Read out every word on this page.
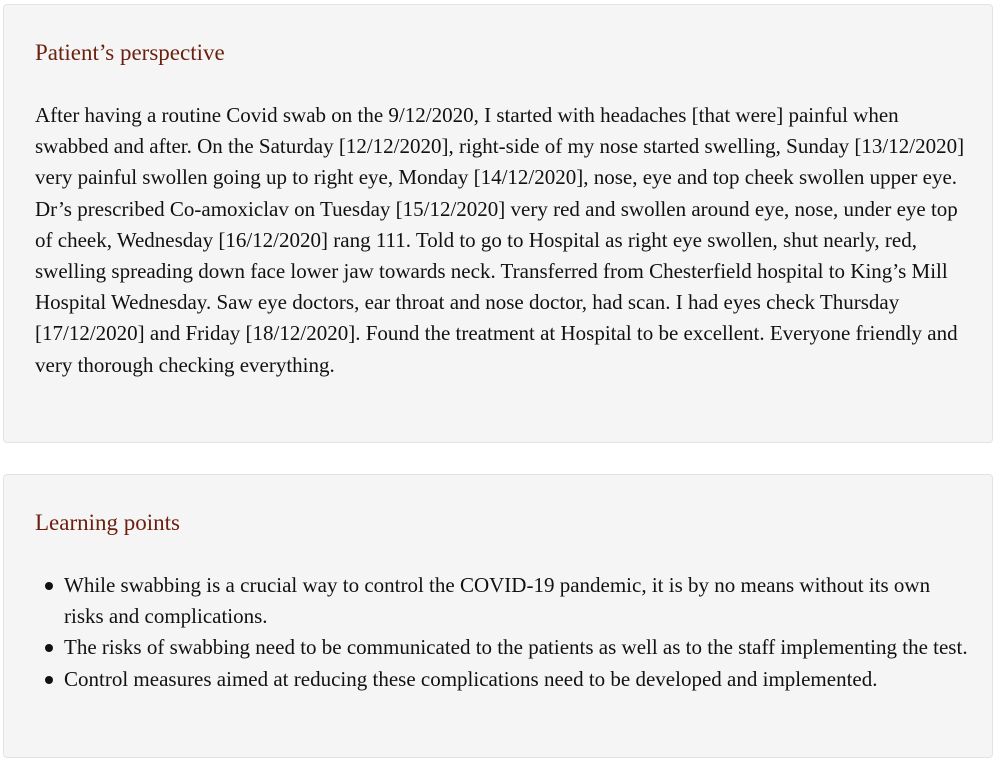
Patient’s perspective

After having a routine Covid swab on the 9/12/2020, I started with headaches [that were] painful when swabbed and after. On the Saturday [12/12/2020], right-side of my nose started swelling, Sunday [13/12/2020] very painful swollen going up to right eye, Monday [14/12/2020], nose, eye and top cheek swollen upper eye. Dr’s prescribed Co-amoxiclav on Tuesday [15/12/2020] very red and swollen around eye, nose, under eye top of cheek, Wednesday [16/12/2020] rang 111. Told to go to Hospital as right eye swollen, shut nearly, red, swelling spreading down face lower jaw towards neck. Transferred from Chesterfield hospital to King’s Mill Hospital Wednesday. Saw eye doctors, ear throat and nose doctor, had scan. I had eyes check Thursday [17/12/2020] and Friday [18/12/2020]. Found the treatment at Hospital to be excellent. Everyone friendly and very thorough checking everything.

Learning points
While swabbing is a crucial way to control the COVID-19 pandemic, it is by no means without its own risks and complications.
The risks of swabbing need to be communicated to the patients as well as to the staff implementing the test.
Control measures aimed at reducing these complications need to be developed and implemented.
